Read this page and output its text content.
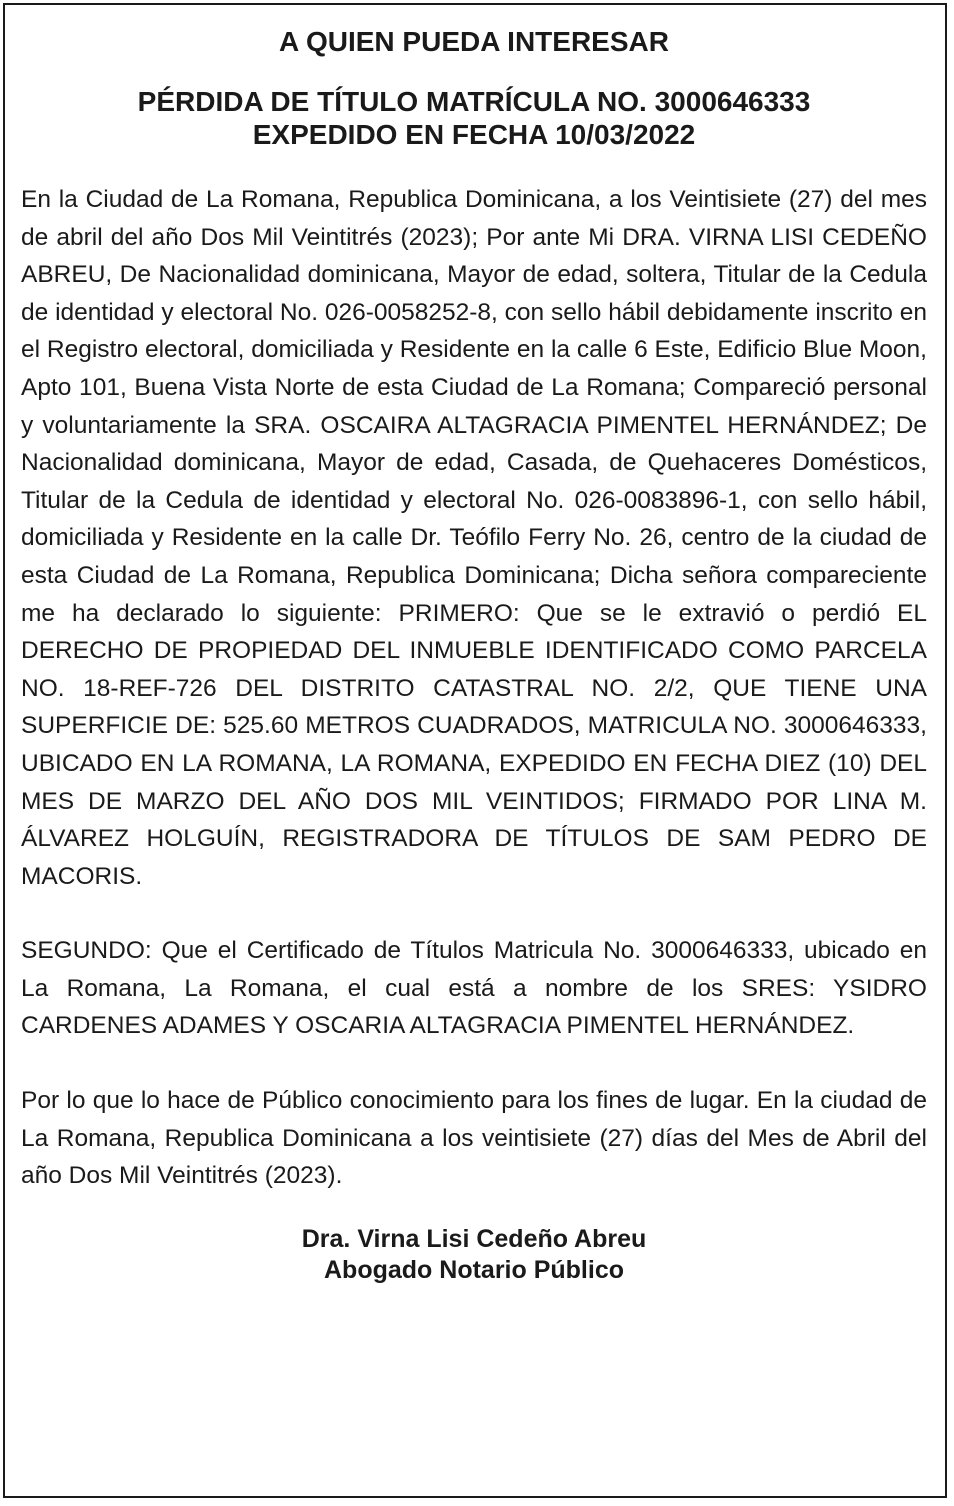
A QUIEN PUEDA INTERESAR

PÉRDIDA DE TÍTULO MATRÍCULA NO. 3000646333

EXPEDIDO EN FECHA 10/03/2022

En la Ciudad de La Romana, Republica Dominicana, a los Veintisiete (27) del mes de abril del año Dos Mil Veintitrés (2023); Por ante Mi DRA. VIRNA LISI CEDEÑO ABREU, De Nacionalidad dominicana, Mayor de edad, soltera, Titular de la Cedula de identidad y electoral No. 026-0058252-8, con sello hábil debidamente inscrito en el Registro electoral, domiciliada y Residente en la calle 6 Este, Edificio Blue Moon, Apto 101, Buena Vista Norte de esta Ciudad de La Romana; Compareció personal y voluntariamente la SRA. OSCAIRA ALTAGRACIA PIMENTEL HERNÁNDEZ; De Nacionalidad dominicana, Mayor de edad, Casada, de Quehaceres Domésticos, Titular de la Cedula de identidad y electoral No. 026-0083896-1, con sello hábil, domiciliada y Residente en la calle Dr. Teófilo Ferry No. 26, centro de la ciudad de esta Ciudad de La Romana, Republica Dominicana; Dicha señora compareciente me ha declarado lo siguiente: PRIMERO: Que se le extravió o perdió EL DERECHO DE PROPIEDAD DEL INMUEBLE IDENTIFICADO COMO PARCELA NO. 18-REF-726 DEL DISTRITO CATASTRAL NO. 2/2, QUE TIENE UNA SUPERFICIE DE: 525.60 METROS CUADRADOS, MATRICULA NO. 3000646333, UBICADO EN LA ROMANA, LA ROMANA, EXPEDIDO EN FECHA DIEZ (10) DEL MES DE MARZO DEL AÑO DOS MIL VEINTIDOS; FIRMADO POR LINA M. ÁLVAREZ HOLGUÍN, REGISTRADORA DE TÍTULOS DE SAM PEDRO DE MACORIS.

SEGUNDO: Que el Certificado de Títulos Matricula No. 3000646333, ubicado en La Romana, La Romana, el cual está a nombre de los SRES: YSIDRO CARDENES ADAMES Y OSCARIA ALTAGRACIA PIMENTEL HERNÁNDEZ.

Por lo que lo hace de Público conocimiento para los fines de lugar. En la ciudad de La Romana, Republica Dominicana a los veintisiete (27) días del Mes de Abril del año Dos Mil Veintitrés (2023).

Dra. Virna Lisi Cedeño Abreu
Abogado Notario Público
